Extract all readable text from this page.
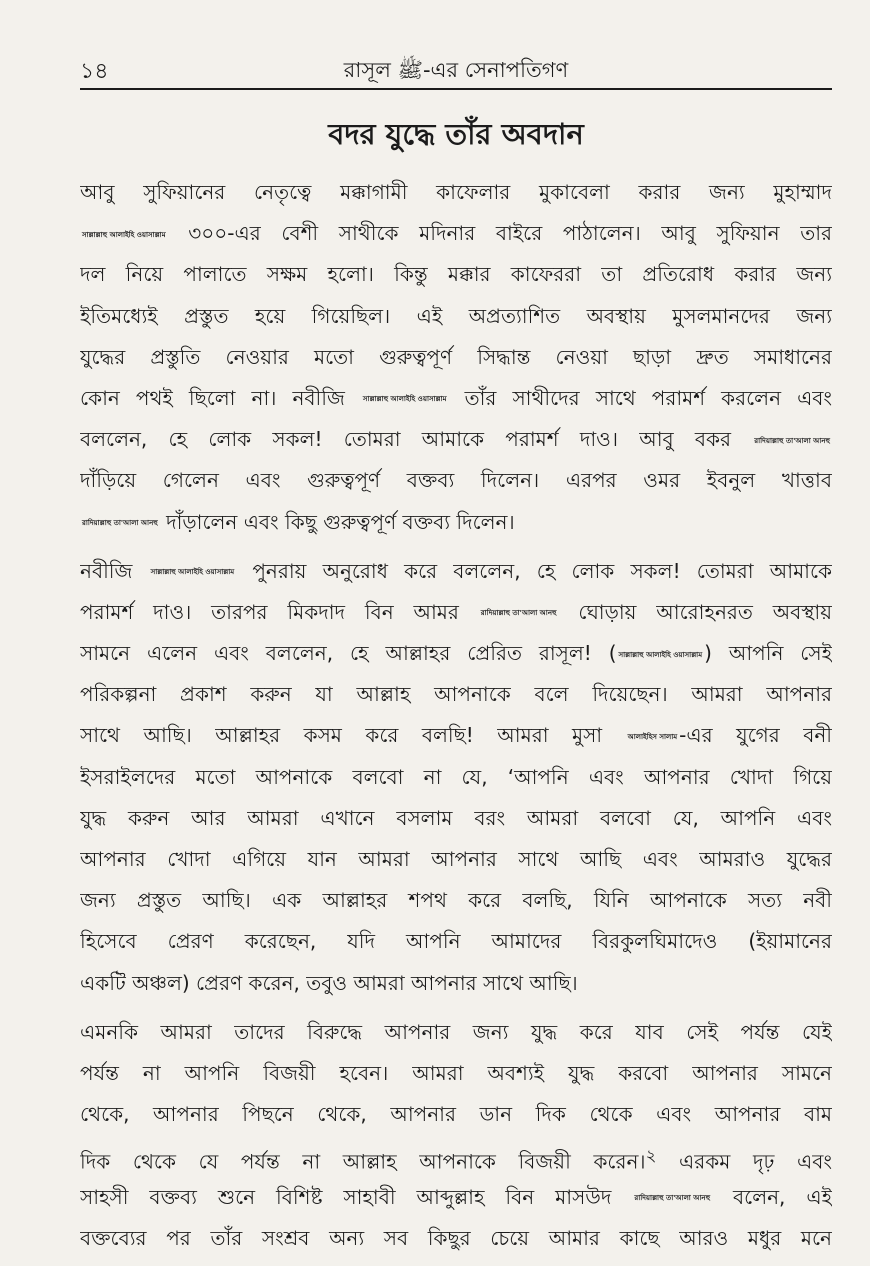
১৪	রাসূল ﷺ-এর সেনাপতিগণ
বদর যুদ্ধে তাঁর অবদান
আবু সুফিয়ানের নেতৃত্বে মক্কাগামী কাফেলার মুকাবেলা করার জন্য মুহাম্মাদ
সাল্লাল্লাহু আলাইহি ওয়াসাল্লাম ৩০০-এর বেশী সাথীকে মদিনার বাইরে পাঠালেন। আবু সুফিয়ান তার
দল নিয়ে পালাতে সক্ষম হলো। কিন্তু মক্কার কাফেররা তা প্রতিরোধ করার জন্য
ইতিমধ্যেই প্রস্তুত হয়ে গিয়েছিল। এই অপ্রত্যাশিত অবস্থায় মুসলমানদের জন্য
যুদ্ধের প্রস্তুতি নেওয়ার মতো গুরুত্বপূর্ণ সিদ্ধান্ত নেওয়া ছাড়া দ্রুত সমাধানের
কোন পথই ছিলো না। নবীজি	সাল্লাল্লাহু আলাইহি ওয়াসাল্লাম তাঁর সাথীদের সাথে পরামর্শ করলেন এবং
বললেন, হে লোক সকল! তোমরা আমাকে পরামর্শ দাও। আবু বকর	রাদিয়াল্লাহু তা'আলা আনহু
দাঁড়িয়ে গেলেন এবং গুরুত্বপূর্ণ বক্তব্য দিলেন। এরপর ওমর ইবনুল খাত্তাব
রাদিয়াল্লাহু তা'আলা আনহু দাঁড়ালেন এবং কিছু গুরুত্বপূর্ণ বক্তব্য দিলেন।
নবীজি	সাল্লাল্লাহু আলাইহি ওয়াসাল্লাম পুনরায় অনুরোধ করে বললেন, হে লোক সকল! তোমরা আমাকে
পরামর্শ দাও। তারপর মিকদাদ বিন আমর	রাদিয়াল্লাহু তা'আলা আনহু ঘোড়ায় আরোহনরত অবস্থায়
সামনে এলেন এবং বললেন, হে আল্লাহর প্রেরিত রাসূল! ( সাল্লাল্লাহু আলাইহি ওয়াসাল্লাম ) আপনি সেই
পরিকল্পনা প্রকাশ করুন যা আল্লাহ আপনাকে বলে দিয়েছেন। আমরা আপনার
সাথে আছি। আল্লাহর কসম করে বলছি! আমরা মুসা	আলাইহিস সালাম -এর যুগের বনী
ইসরাইলদের মতো আপনাকে বলবো না যে, ‘আপনি এবং আপনার খোদা গিয়ে
যুদ্ধ করুন আর আমরা এখানে বসলাম বরং আমরা বলবো যে, আপনি এবং
আপনার খোদা এগিয়ে যান আমরা আপনার সাথে আছি এবং আমরাও যুদ্ধের
জন্য প্রস্তুত আছি। এক আল্লাহর শপথ করে বলছি, যিনি আপনাকে সত্য নবী
হিসেবে প্রেরণ করেছেন, যদি আপনি আমাদের বিরকুলঘিমাদেও (ইয়ামানের
একটি অঞ্চল) প্রেরণ করেন, তবুও আমরা আপনার সাথে আছি।
এমনকি আমরা তাদের বিরুদ্ধে আপনার জন্য যুদ্ধ করে যাব সেই পর্যন্ত যেই
পর্যন্ত না আপনি বিজয়ী হবেন। আমরা অবশ্যই যুদ্ধ করবো আপনার সামনে
থেকে, আপনার পিছনে থেকে, আপনার ডান দিক থেকে এবং আপনার বাম
দিক থেকে যে পর্যন্ত না আল্লাহ আপনাকে বিজয়ী করেন।$^২$ এরকম দৃঢ় এবং
সাহসী বক্তব্য শুনে বিশিষ্ট সাহাবী আব্দুল্লাহ বিন মাসউদ	রাদিয়াল্লাহু তা'আলা আনহু বলেন, এই
বক্তব্যের পর তাঁর সংশ্রব অন্য সব কিছুর চেয়ে আমার কাছে আরও মধুর মনে
